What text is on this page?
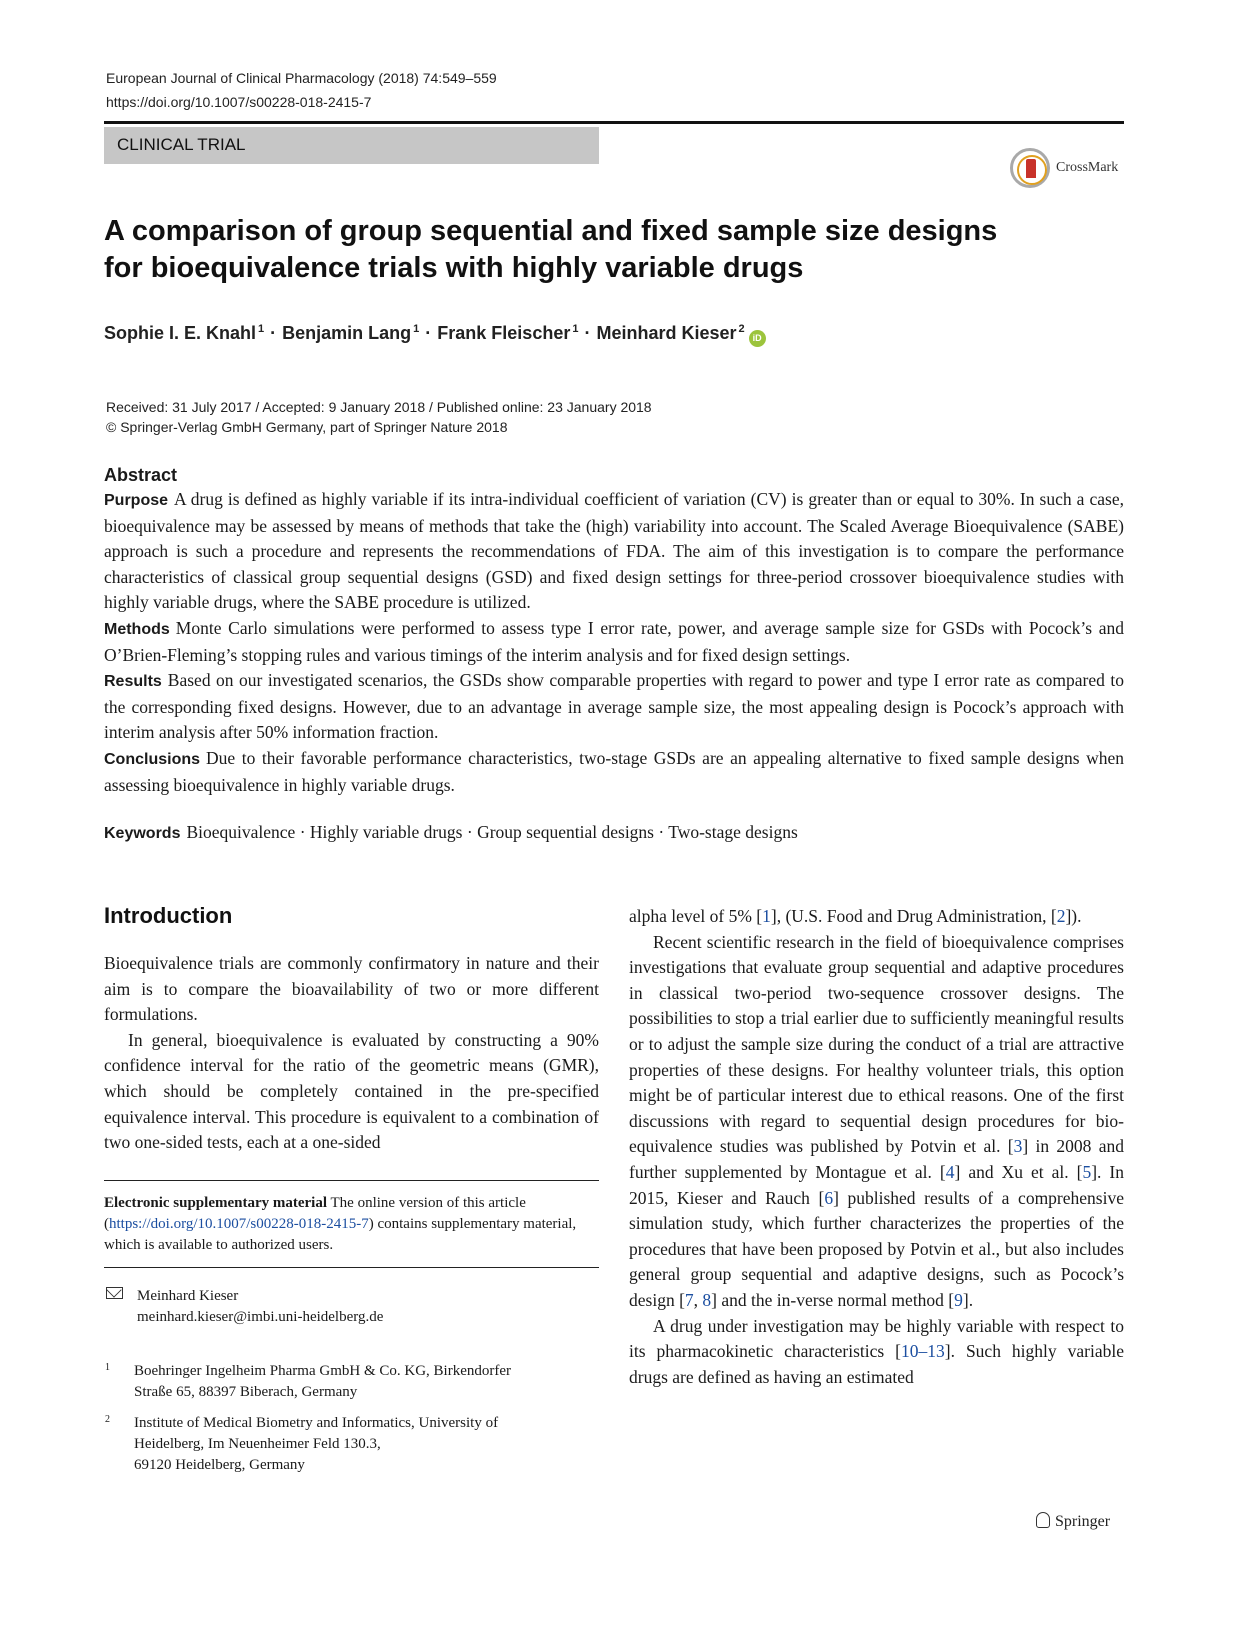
European Journal of Clinical Pharmacology (2018) 74:549–559
https://doi.org/10.1007/s00228-018-2415-7
CLINICAL TRIAL
CrossMark
A comparison of group sequential and fixed sample size designs
for bioequivalence trials with highly variable drugs
Sophie I. E. Knahl $^1$ · Benjamin Lang $^1$ · Frank Fleischer $^1$ · Meinhard Kieser $^2$iD
Received: 31 July 2017 / Accepted: 9 January 2018 / Published online: 23 January 2018
© Springer-Verlag GmbH Germany, part of Springer Nature 2018
Abstract

Purpose A drug is defined as highly variable if its intra-individual coefficient of variation (CV) is greater than or equal to 30%. In such a case, bioequivalence may be assessed by means of methods that take the (high) variability into account. The Scaled Average Bioequivalence (SABE) approach is such a procedure and represents the recommendations of FDA. The aim of this investigation is to compare the performance characteristics of classical group sequential designs (GSD) and fixed design settings for three-period crossover bioequivalence studies with highly variable drugs, where the SABE procedure is utilized.

Methods Monte Carlo simulations were performed to assess type I error rate, power, and average sample size for GSDs with Pocock’s and O’Brien-Fleming’s stopping rules and various timings of the interim analysis and for fixed design settings.

Results Based on our investigated scenarios, the GSDs show comparable properties with regard to power and type I error rate as compared to the corresponding fixed designs. However, due to an advantage in average sample size, the most appealing design is Pocock’s approach with interim analysis after 50% information fraction.

Conclusions Due to their favorable performance characteristics, two-stage GSDs are an appealing alternative to fixed sample designs when assessing bioequivalence in highly variable drugs.

Keywords Bioequivalence · Highly variable drugs · Group sequential designs · Two-stage designs
Introduction

Bioequivalence trials are commonly confirmatory in nature and their aim is to compare the bioavailability of two or more different formulations.

In general, bioequivalence is evaluated by constructing a 90% confidence interval for the ratio of the geometric means (GMR), which should be completely contained in the pre-specified equivalence interval. This procedure is equivalent to a combination of two one-sided tests, each at a one-sided

Electronic supplementary material The online version of this article (https://doi.org/10.1007/s00228-018-2415-7) contains supplementary material, which is available to authorized users.
Meinhard Kieser
meinhard.kieser@imbi.uni-heidelberg.de
1 Boehringer Ingelheim Pharma GmbH & Co. KG, Birkendorfer
Straße 65, 88397 Biberach, Germany
2 Institute of Medical Biometry and Informatics, University of
Heidelberg, Im Neuenheimer Feld 130.3,
69120 Heidelberg, Germany

alpha level of 5% [1], (U.S. Food and Drug Administration, [2]).

Recent scientific research in the field of bioequivalence comprises investigations that evaluate group sequential and adaptive procedures in classical two-period two-sequence crossover designs. The possibilities to stop a trial earlier due to sufficiently meaningful results or to adjust the sample size during the conduct of a trial are attractive properties of these designs. For healthy volunteer trials, this option might be of particular interest due to ethical reasons. One of the first discussions with regard to sequential design procedures for bio-equivalence studies was published by Potvin et al. [3] in 2008 and further supplemented by Montague et al. [4] and Xu et al. [5]. In 2015, Kieser and Rauch [6] published results of a comprehensive simulation study, which further characterizes the properties of the procedures that have been proposed by Potvin et al., but also includes general group sequential and adaptive designs, such as Pocock’s design [7, 8] and the in-verse normal method [9].

A drug under investigation may be highly variable with respect to its pharmacokinetic characteristics [10–13]. Such highly variable drugs are defined as having an estimated

Springer
